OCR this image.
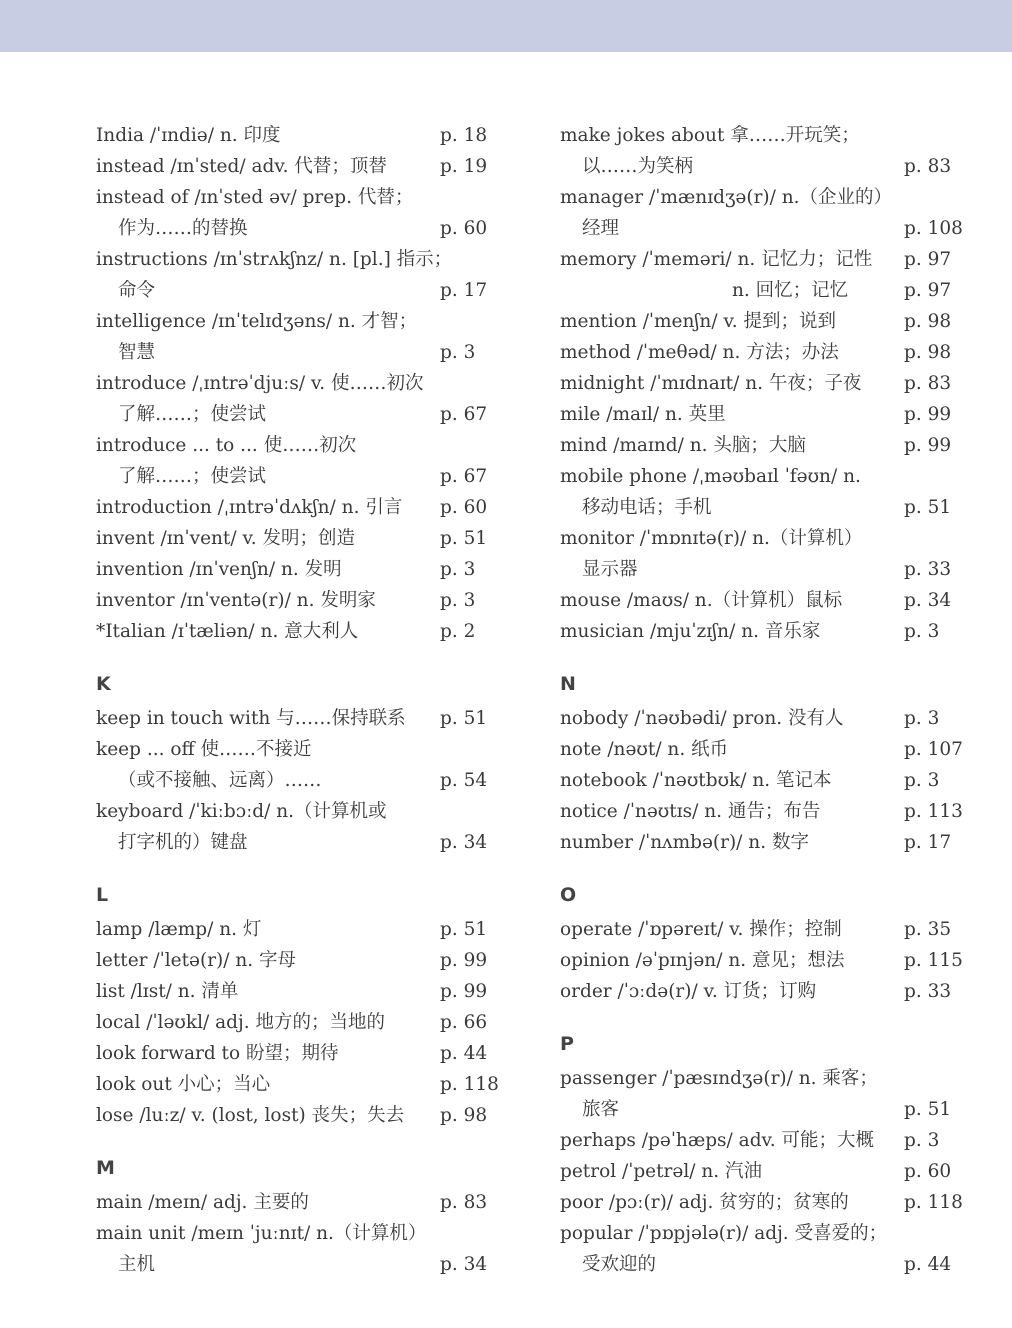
India /ˈɪndiə/ n. 印度	p. 18
instead /ɪnˈsted/ adv. 代替；顶替	p. 19
instead of /ɪnˈsted əv/ prep. 代替；
作为……的替换	p. 60
instructions /ɪnˈstrʌkʃnz/ n. [pl.] 指示；
命令	p. 17
intelligence /ɪnˈtelɪdʒəns/ n. 才智；
智慧	p. 3
introduce /ˌɪntrəˈdjuːs/ v. 使……初次
了解……；使尝试	p. 67
introduce ... to ... 使……初次
了解……；使尝试	p. 67
introduction /ˌɪntrəˈdʌkʃn/ n. 引言 p. 60
invent /ɪnˈvent/ v. 发明；创造	p. 51
invention /ɪnˈvenʃn/ n. 发明	p. 3
inventor /ɪnˈventə(r)/ n. 发明家	p. 3
*Italian /ɪˈtæliən/ n. 意大利人	p. 2
K
keep in touch with 与……保持联系 p. 51
keep ... off 使……不接近
（或不接触、远离）……	p. 54
keyboard /ˈkiːbɔːd/ n.（计算机或
打字机的）键盘	p. 34
L
lamp /læmp/ n. 灯	p. 51
letter /ˈletə(r)/ n. 字母	p. 99
list /lɪst/ n. 清单	p. 99
local /ˈləʊkl/ adj. 地方的；当地的	p. 66
look forward to 盼望；期待	p. 44
look out 小心；当心	p. 118
lose /luːz/ v. (lost, lost) 丧失；失去 p. 98
M
main /meɪn/ adj. 主要的	p. 83
main unit /meɪn ˈjuːnɪt/ n.（计算机）
主机	p. 34
make jokes about 拿……开玩笑；
以……为笑柄	p. 83
manager /ˈmænɪdʒə(r)/ n.（企业的）
经理	p. 108
memory /ˈmeməri/ n. 记忆力；记性 p. 97
n. 回忆；记忆	p. 97
mention /ˈmenʃn/ v. 提到；说到	p. 98
method /ˈmeθəd/ n. 方法；办法	p. 98
midnight /ˈmɪdnaɪt/ n. 午夜；子夜 p. 83
mile /maɪl/ n. 英里	p. 99
mind /maɪnd/ n. 头脑；大脑	p. 99
mobile phone /ˌməʊbaɪl ˈfəʊn/ n.
移动电话；手机	p. 51
monitor /ˈmɒnɪtə(r)/ n.（计算机）
显示器	p. 33
mouse /maʊs/ n.（计算机）鼠标	p. 34
musician /mjuˈzɪʃn/ n. 音乐家	p. 3
N
nobody /ˈnəʊbədi/ pron. 没有人	p. 3
note /nəʊt/ n. 纸币	p. 107
notebook /ˈnəʊtbʊk/ n. 笔记本	p. 3
notice /ˈnəʊtɪs/ n. 通告；布告	p. 113
number /ˈnʌmbə(r)/ n. 数字	p. 17
O
operate /ˈɒpəreɪt/ v. 操作；控制	p. 35
opinion /əˈpɪnjən/ n. 意见；想法	p. 115
order /ˈɔːdə(r)/ v. 订货；订购	p. 33
P
passenger /ˈpæsɪndʒə(r)/ n. 乘客；
旅客	p. 51
perhaps /pəˈhæps/ adv. 可能；大概 p. 3
petrol /ˈpetrəl/ n. 汽油	p. 60
poor /pɔː(r)/ adj. 贫穷的；贫寒的	p. 118
popular /ˈpɒpjələ(r)/ adj. 受喜爱的；
受欢迎的	p. 44
